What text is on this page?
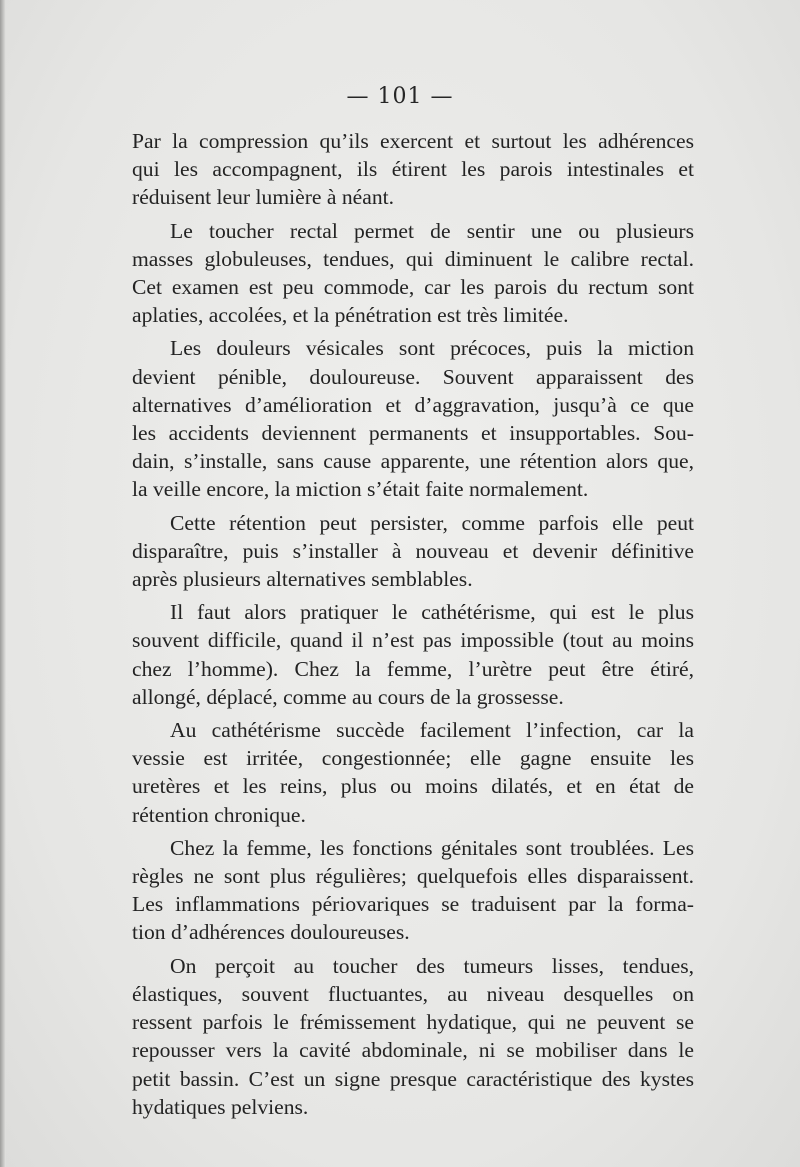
— 101 —

Par la compression qu’ils exercent et surtout les adhérences
qui les accompagnent, ils étirent les parois intestinales et
réduisent leur lumière à néant.

Le toucher rectal permet de sentir une ou plusieurs
masses globuleuses, tendues, qui diminuent le calibre rectal.
Cet examen est peu commode, car les parois du rectum sont
aplaties, accolées, et la pénétration est très limitée.

Les douleurs vésicales sont précoces, puis la miction
devient pénible, douloureuse. Souvent apparaissent des
alternatives d’amélioration et d’aggravation, jusqu’à ce que
les accidents deviennent permanents et insupportables. Sou-
dain, s’installe, sans cause apparente, une rétention alors que,
la veille encore, la miction s’était faite normalement.

Cette rétention peut persister, comme parfois elle peut
disparaître, puis s’installer à nouveau et devenir définitive
après plusieurs alternatives semblables.

Il faut alors pratiquer le cathétérisme, qui est le plus
souvent difficile, quand il n’est pas impossible (tout au moins
chez l’homme). Chez la femme, l’urètre peut être étiré,
allongé, déplacé, comme au cours de la grossesse.

Au cathétérisme succède facilement l’infection, car la
vessie est irritée, congestionnée; elle gagne ensuite les
uretères et les reins, plus ou moins dilatés, et en état de
rétention chronique.

Chez la femme, les fonctions génitales sont troublées. Les
règles ne sont plus régulières; quelquefois elles disparaissent.
Les inflammations périovariques se traduisent par la forma-
tion d’adhérences douloureuses.

On perçoit au toucher des tumeurs lisses, tendues,
élastiques, souvent fluctuantes, au niveau desquelles on
ressent parfois le frémissement hydatique, qui ne peuvent se
repousser vers la cavité abdominale, ni se mobiliser dans le
petit bassin. C’est un signe presque caractéristique des kystes
hydatiques pelviens.
